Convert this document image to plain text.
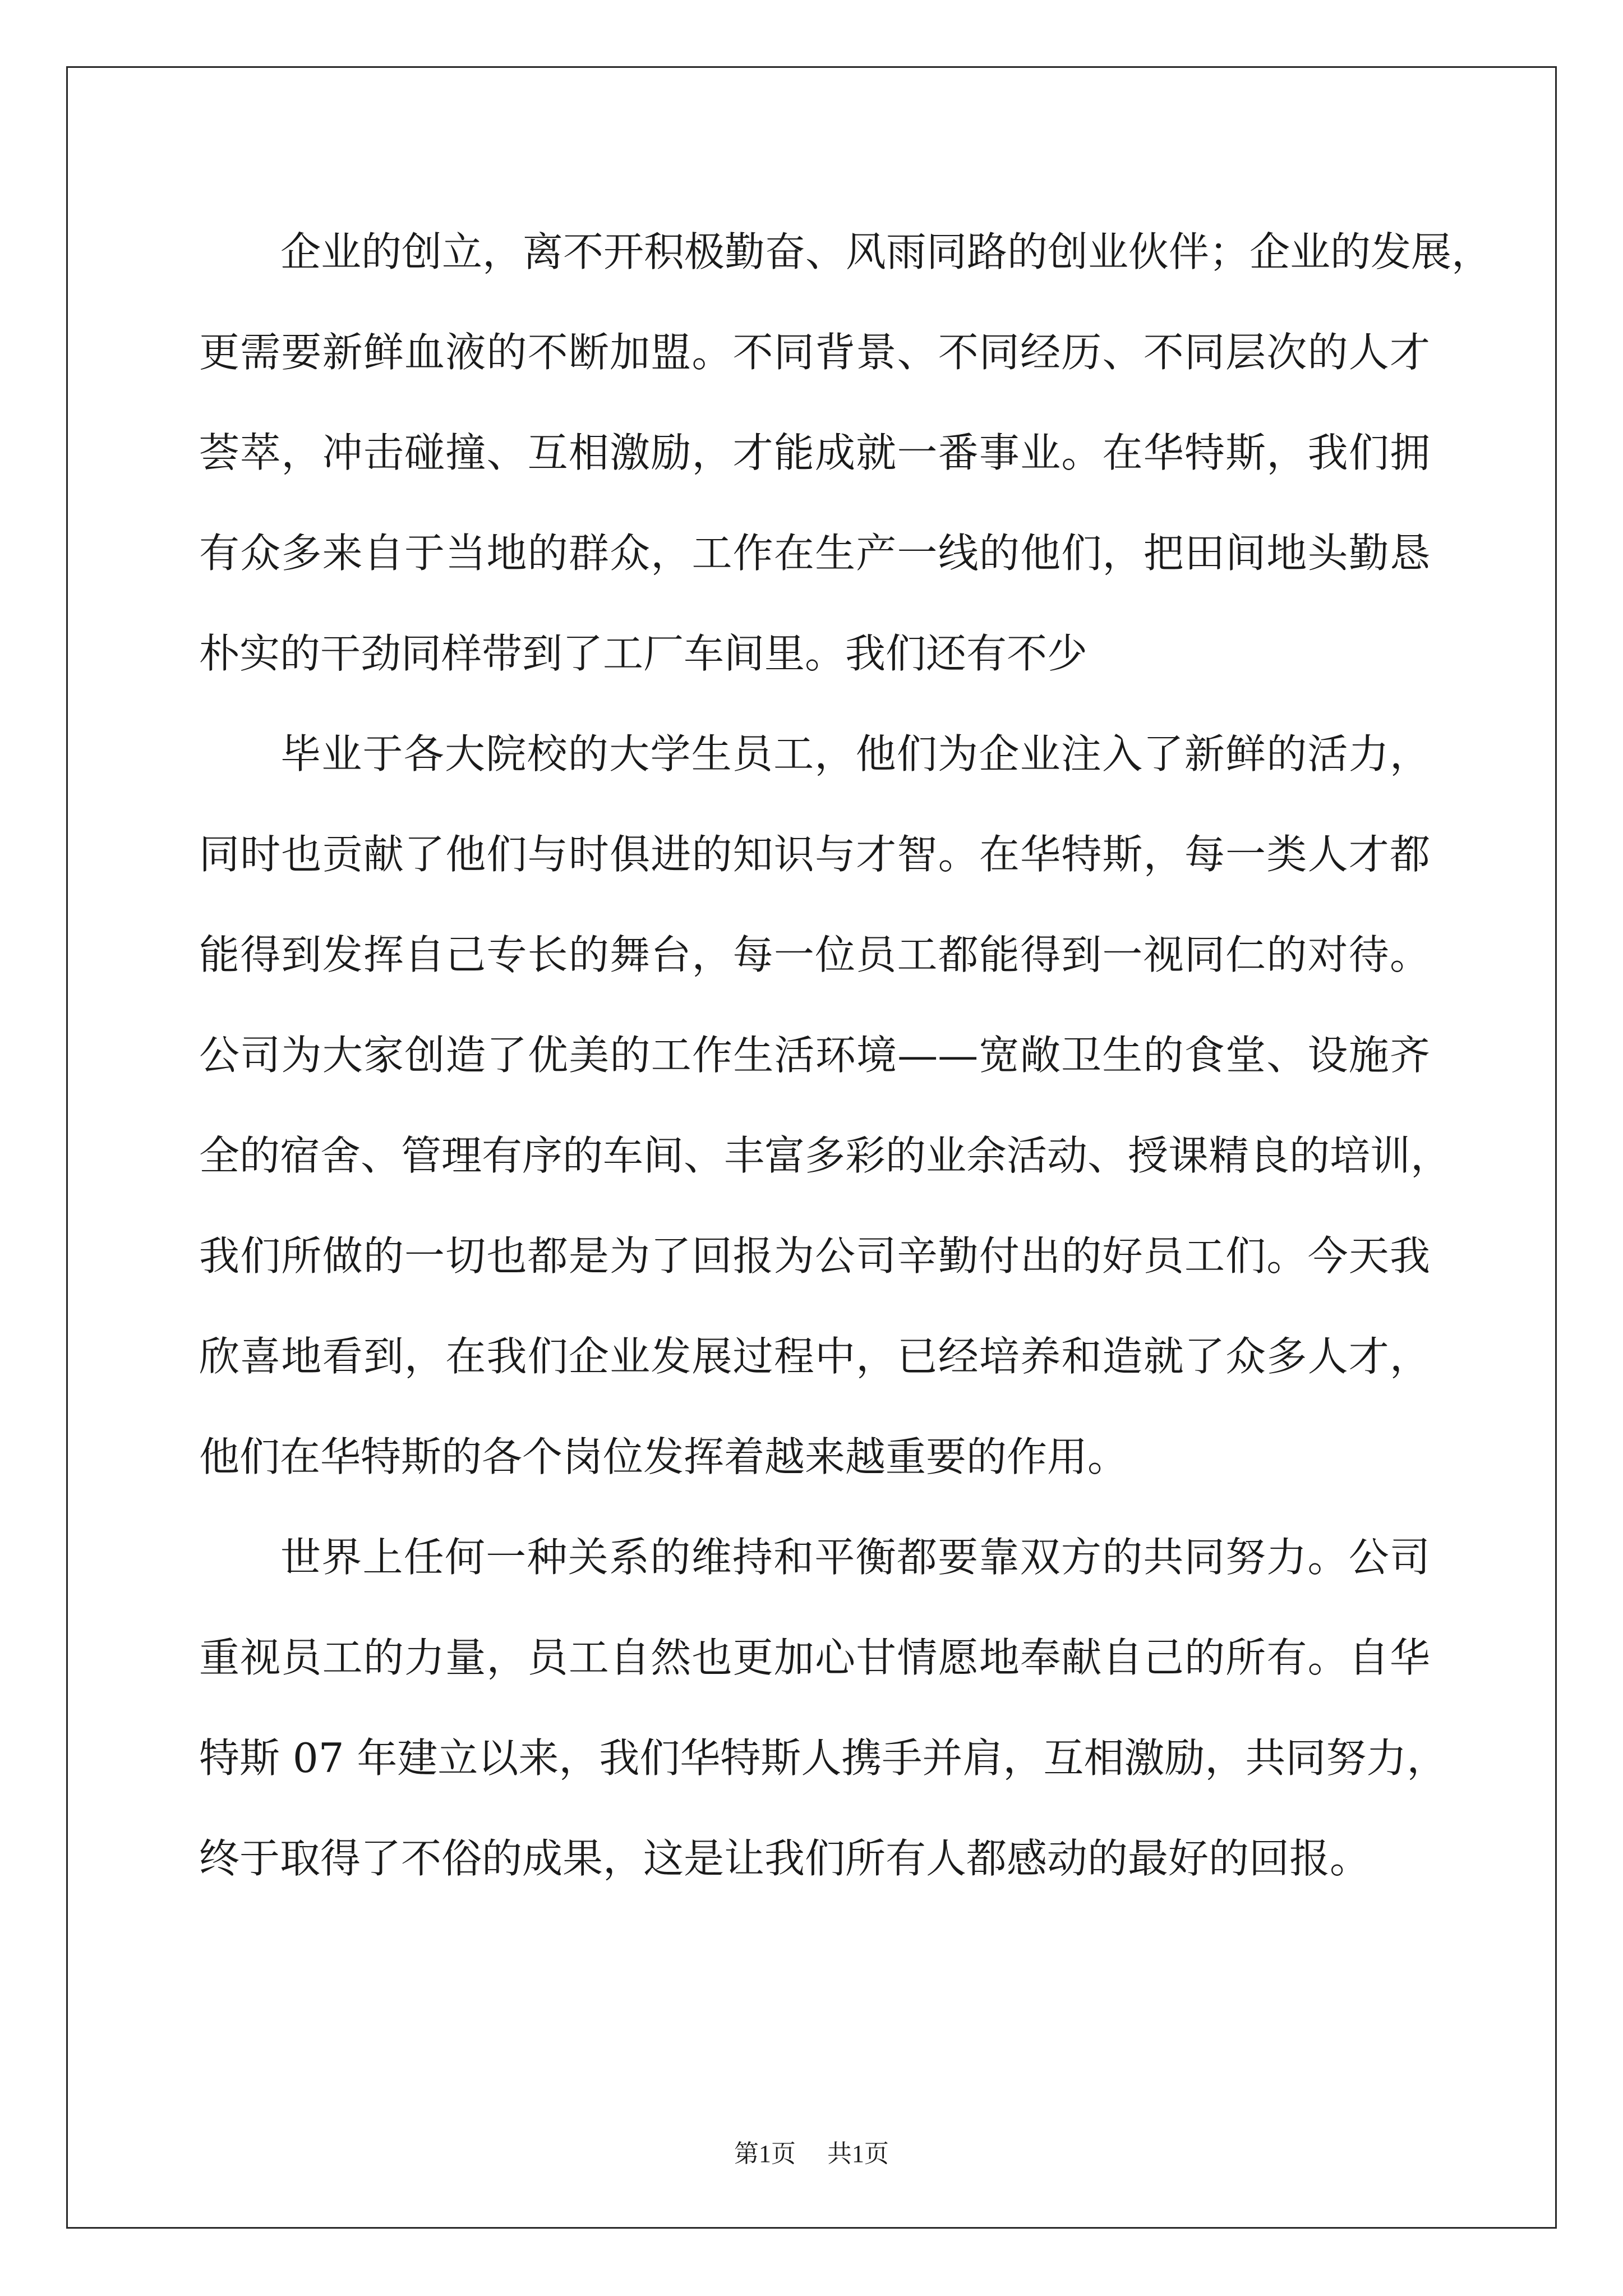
企业的创立，离不开积极勤奋、风雨同路的创业伙伴；企业的发展，
更需要新鲜血液的不断加盟。不同背景、不同经历、不同层次的人才
荟萃，冲击碰撞、互相激励，才能成就一番事业。在华特斯，我们拥
有众多来自于当地的群众，工作在生产一线的他们，把田间地头勤恳
朴实的干劲同样带到了工厂车间里。我们还有不少
毕业于各大院校的大学生员工，他们为企业注入了新鲜的活力，
同时也贡献了他们与时俱进的知识与才智。在华特斯，每一类人才都
能得到发挥自己专长的舞台，每一位员工都能得到一视同仁的对待。
公司为大家创造了优美的工作生活环境——宽敞卫生的食堂、设施齐
全的宿舍、管理有序的车间、丰富多彩的业余活动、授课精良的培训，
我们所做的一切也都是为了回报为公司辛勤付出的好员工们。今天我
欣喜地看到，在我们企业发展过程中，已经培养和造就了众多人才，
他们在华特斯的各个岗位发挥着越来越重要的作用。
世界上任何一种关系的维持和平衡都要靠双方的共同努力。公司
重视员工的力量，员工自然也更加心甘情愿地奉献自己的所有。自华
特斯 07 年建立以来，我们华特斯人携手并肩，互相激励，共同努力，
终于取得了不俗的成果，这是让我们所有人都感动的最好的回报。
第1页 共1页
